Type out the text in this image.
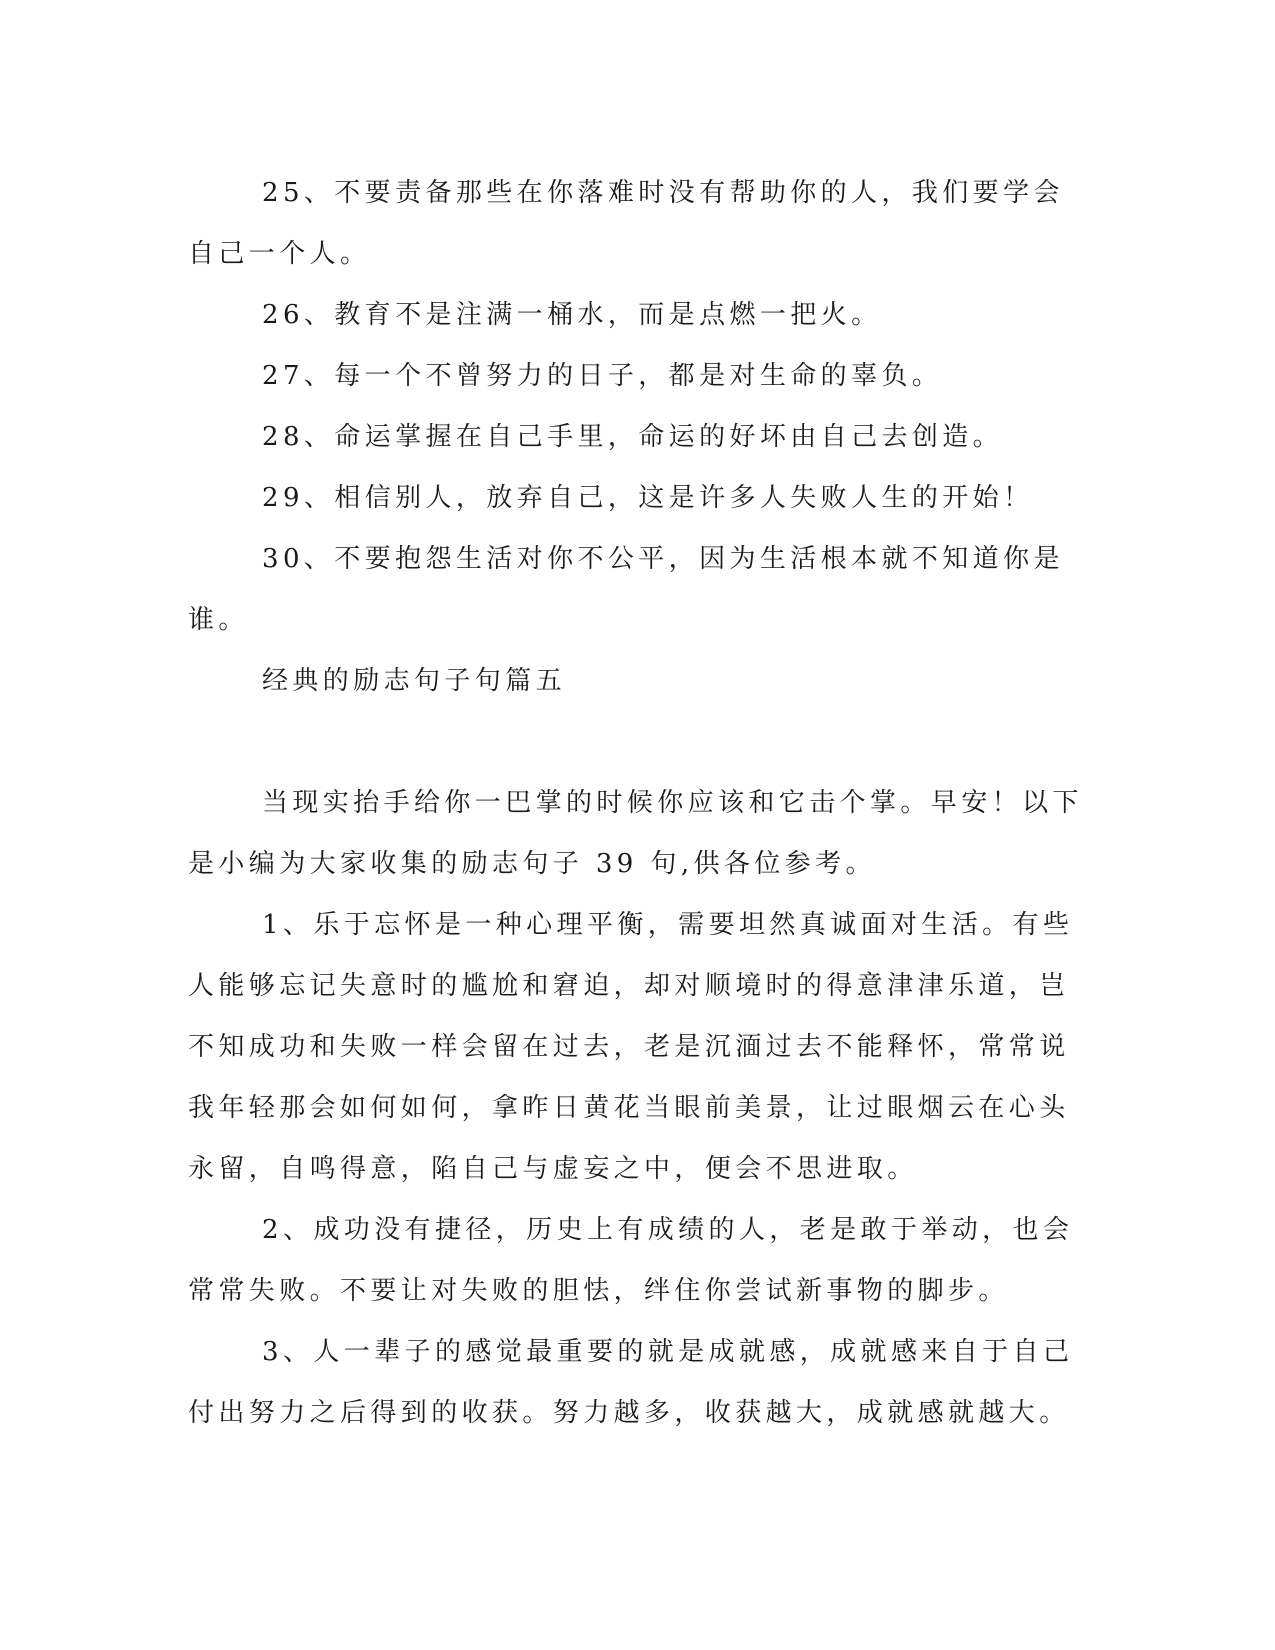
25、不要责备那些在你落难时没有帮助你的人，我们要学会自己一个人。

26、教育不是注满一桶水，而是点燃一把火。

27、每一个不曾努力的日子，都是对生命的辜负。

28、命运掌握在自己手里，命运的好坏由自己去创造。

29、相信别人，放弃自己，这是许多人失败人生的开始！

30、不要抱怨生活对你不公平，因为生活根本就不知道你是谁。

经典的励志句子句篇五

当现实抬手给你一巴掌的时候你应该和它击个掌。早安！以下是小编为大家收集的励志句子 39 句,供各位参考。

1、乐于忘怀是一种心理平衡，需要坦然真诚面对生活。有些人能够忘记失意时的尴尬和窘迫，却对顺境时的得意津津乐道，岂不知成功和失败一样会留在过去，老是沉湎过去不能释怀，常常说我年轻那会如何如何，拿昨日黄花当眼前美景，让过眼烟云在心头永留，自鸣得意，陷自己与虚妄之中，便会不思进取。

2、成功没有捷径，历史上有成绩的人，老是敢于举动，也会常常失败。不要让对失败的胆怯，绊住你尝试新事物的脚步。

3、人一辈子的感觉最重要的就是成就感，成就感来自于自己付出努力之后得到的收获。努力越多，收获越大，成就感就越大。
